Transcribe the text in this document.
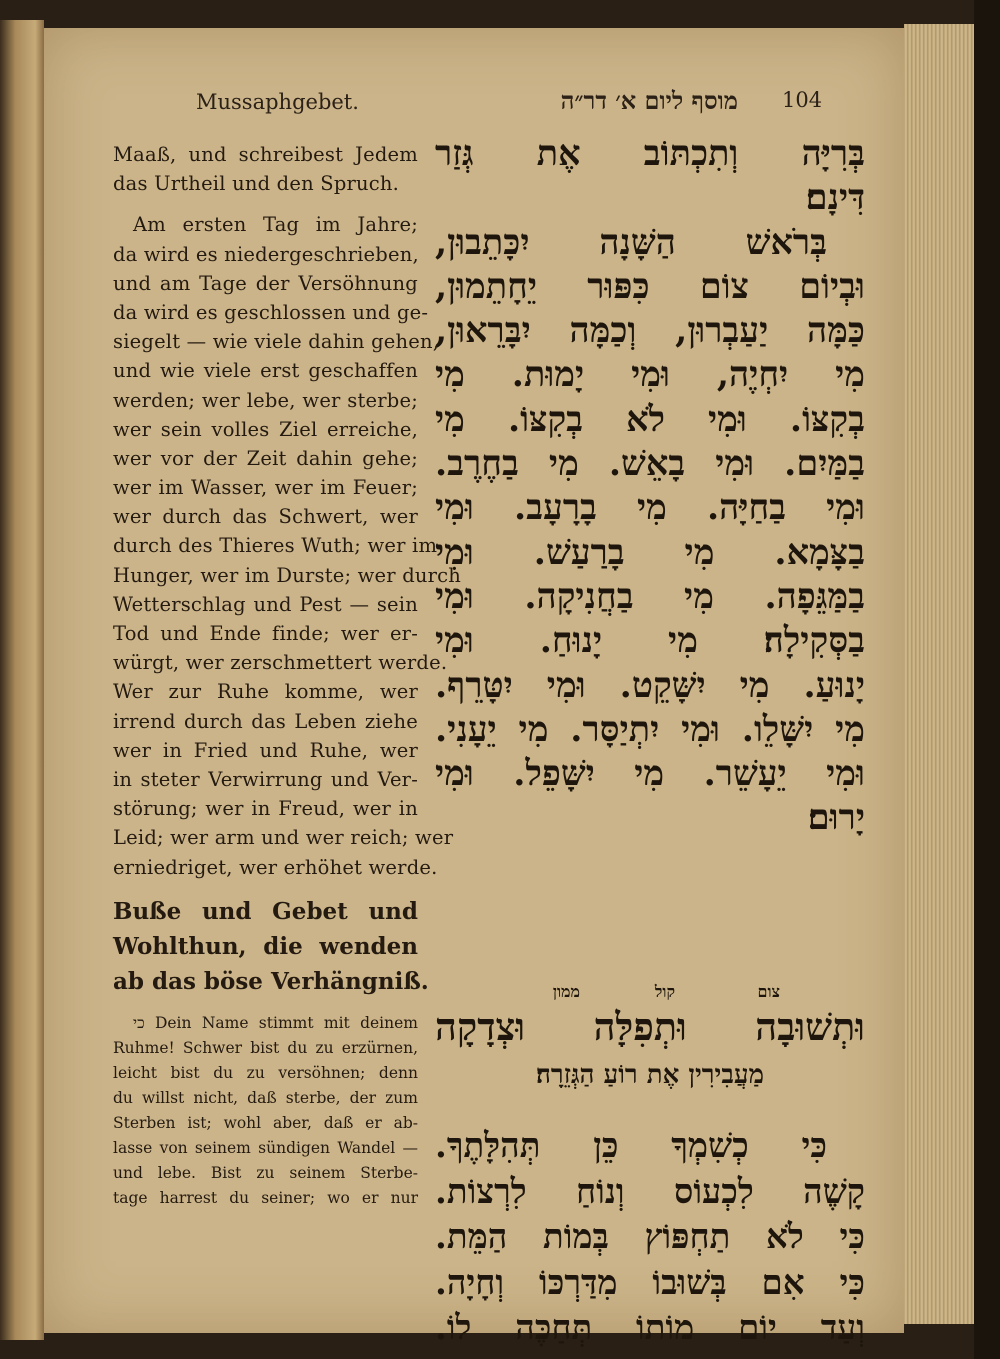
Mussaphgebet.	מוסף ליום א׳ דר״ה 104
Maaß, und schreibest Jedem
das Urtheil und den Spruch.
Am ersten Tag im Jahre;
da wird es niedergeschrieben,
und am Tage der Versöhnung
da wird es geschlossen und ge-
siegelt — wie viele dahin gehen,
und wie viele erst geschaffen
werden; wer lebe, wer sterbe;
wer sein volles Ziel erreiche,
wer vor der Zeit dahin gehe;
wer im Wasser, wer im Feuer;
wer durch das Schwert, wer
durch des Thieres Wuth; wer im
Hunger, wer im Durste; wer durch
Wetterschlag und Pest — sein
Tod und Ende finde; wer er-
würgt, wer zerschmettert werde.
Wer zur Ruhe komme, wer
irrend durch das Leben ziehe
wer in Fried und Ruhe, wer
in steter Verwirrung und Ver-
störung; wer in Freud, wer in
Leid; wer arm und wer reich; wer
erniedriget, wer erhöhet werde.
Buße und Gebet und
Wohlthun, die wenden
ab das böse Verhängniß.
כי Dein Name stimmt mit deinem
Ruhme! Schwer bist du zu erzürnen,
leicht bist du zu versöhnen; denn
du willst nicht, daß sterbe, der zum
Sterben ist; wohl aber, daß er ab-
lasse von seinem sündigen Wandel —
und lebe. Bist zu seinem Sterbe-
tage harrest du seiner; wo er nur
בְּרִיָּה וְתִכְתּוֹב אֶת גְּזַר
דִּינָם׃
בְּרֹאשׁ הַשָּׁנָה יִכָּתֵבוּן,
וּבְיוֹם צוֹם כִּפּוּר יֵחָתֵמוּן,
כַּמָּה יַעַבְרוּן, וְכַמָּה יִבָּרֵאוּן,
מִי יִחְיֶה, וּמִי יָמוּת. מִי
בְקִצּוֹ. וּמִי לֹא בְקִצּוֹ. מִי
בַמַּיִם. וּמִי בָאֵשׁ. מִי בַחֶרֶב.
וּמִי בַחַיָּה. מִי בָרָעָב. וּמִי
בַצָּמָא. מִי בָרַעַשׁ. וּמִי
בַמַּגֵּפָה. מִי בַחֲנִיקָה. וּמִי
בַסְּקִילָה׃ מִי יָנוּחַ. וּמִי
יָנוּעַ. מִי יִשָּׁקֵט. וּמִי יִטָּרֵף.
מִי יִשָּׁלֵו. וּמִי יִתְיַסָּר. מִי יֵעָנִי.
וּמִי יֵעָשֵׁר. מִי יִשָּׁפֵל. וּמִי
יָרוּם׃
צום
קול
ממון
וּתְשׁוּבָה וּתְפִלָּה וּצְדָקָה
מַעֲבִירִין אֶת רוֹעַ הַגְּזֵרָה׃
כִּי כְשִׁמְךָ כֵּן תְּהִלָּתֶךָ.
קָשֶׁה לִכְעוֹס וְנוֹחַ לִרְצוֹת.
כִּי לֹא תַחְפּוֹץ בְּמוֹת הַמֵּת.
כִּי אִם בְּשׁוּבוֹ מִדַּרְכּוֹ וְחָיָה.
וְעַד יוֹם מוֹתוֹ תְּחַכֶּה לוֹ.
